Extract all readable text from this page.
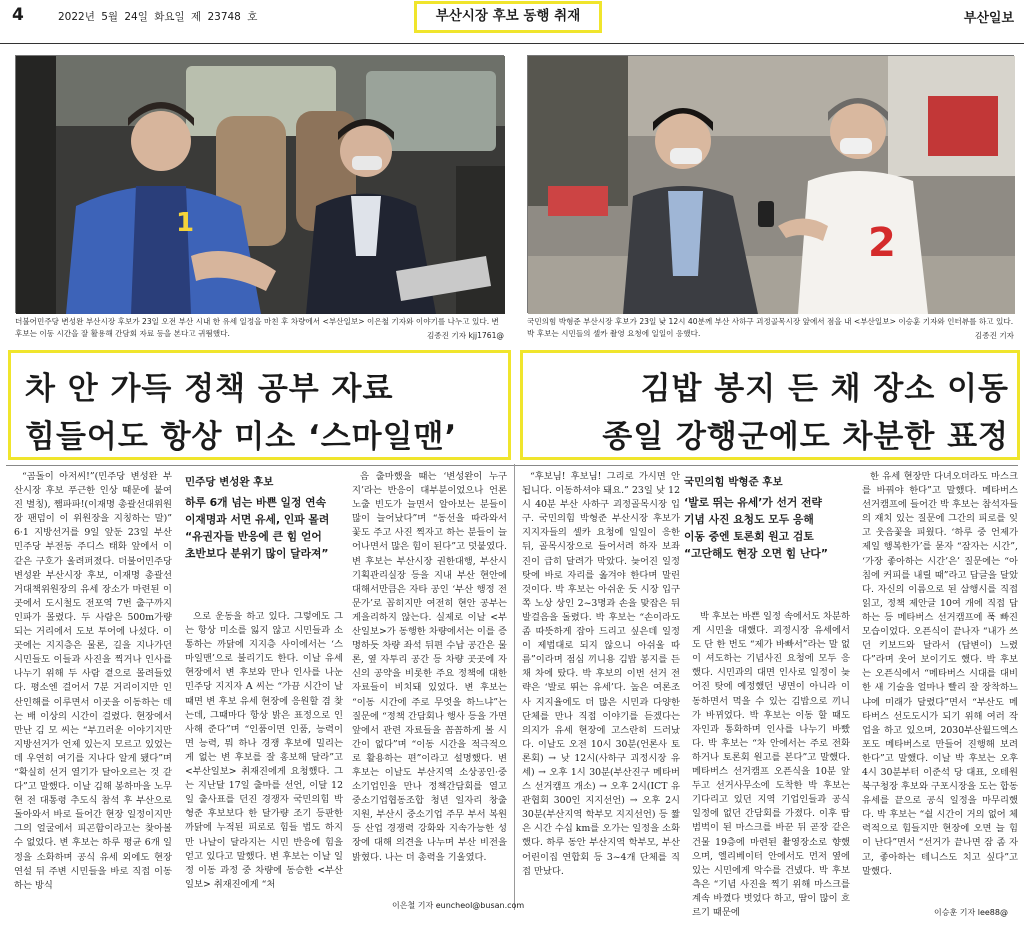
4	2022년 5월 24일 화요일 제 23748 호	부산시장 후보 동행 취재	부산일보
1	2
더불어민주당 변성완 부산시장 후보가 23일 오전 부산 시내 한 유세 일정을 마친 후 차량에서 <부산일보> 이은철 기자와 이야기를 나누고 있다. 변 후보는 이동 시간을 잘 활용해 간담회 자료 등을 본다고 귀띔했다.	김종진 기자 kjj1761@
국민의힘 박형준 부산시장 후보가 23일 낮 12시 40분께 부산 사하구 괴정골목시장 앞에서 점을 내 <부산일보> 이승훈 기자와 인터뷰를 하고 있다. 박 후보는 시민들의 셀카 촬영 요청에 일일이 응했다.	김종진 기자
차 안 가득 정책 공부 자료
힘들어도 항상 미소 ‘스마일맨’
김밥 봉지 든 채 장소 이동
종일 강행군에도 차분한 표정

“곰돌이 아저씨!”(민주당 변성완 부산시장 후보 푸근한 인상 때문에 붙여진 별칭), 쨈파파!(이재명 총괄선대위원장 팬덤이 이 위원장을 지칭하는 말)” 6·1 지방선거를 9일 앞둔 23일 부산 민주당 부전동 주디스 태화 앞에서 이 같은 구호가 울려퍼졌다. 더불어민주당 변성완 부산시장 후보, 이재명 총괄선거대책위원장의 유세 장소가 마련된 이곳에서 도시철도 전포역 7번 출구까지 인파가 몰렸다. 두 사람은 500m가량 되는 거리에서 도보 투어에 나섰다. 이곳에는 지지층은 물론, 길을 지나가던 시민들도 이들과 사진을 찍거나 인사를 나누기 위해 두 사람 곁으로 몰려들었다. 평소엔 걸어서 7분 거리이지만 인산인해를 이루면서 이곳을 이동하는 데는 배 이상의 시간이 걸렸다. 현장에서 만난 김 모 씨는 “부끄러운 이야기지만 지방선거가 언제 있는지 모르고 있었는데 우연히 여기를 지나다 알게 됐다”며 “확실히 선거 열기가 달아오르는 것 같다”고 말했다. 이날 김해 봉하마을 노무현 전 대통령 추도식 참석 후 부산으로 돌아와서 바로 들어간 현장 일정이지만 그의 얼굴에서 피곤함이라고는 찾아볼 수 없었다. 변 후보는 하루 평균 6개 일정을 소화하며 공식 유세 외에도 현장 연설 뒤 주변 시민들을 바로 직접 이동하는 방식

민주당 변성완 후보
하루 6개 넘는 바쁜 일정 연속
이재명과 서면 유세, 인파 몰려
“유권자들 반응에 큰 힘 얻어
초반보다 분위기 많이 달라져”

으로 운동을 하고 있다. 그렇에도 그는 항상 미소를 잃지 않고 시민들과 소통하는 까닭에 지지층 사이에서는 ‘스마일맨’으로 불리기도 한다. 이날 유세 현장에서 변 후보와 만나 인사를 나눈 민주당 지지자 A 씨는 “가끔 시간이 날 때면 변 후보 유세 현장에 응원할 겸 찾는데, 그때마다 항상 밝은 표정으로 인사해 준다”며 “인품이면 인품, 능력이면 능력, 뭐 하나 경쟁 후보에 밀리는 게 없는 변 후보를 잘 홍보해 달라”고 <부산일보> 취재진에게 요청했다. 그는 지난달 17일 출마를 선언, 이달 12일 출사표를 던진 경쟁자 국민의힘 박형준 후보보다 한 달가량 조기 등판한 까닭에 누적된 피로로 힘들 법도 하지만 나날이 달라지는 시민 반응에 힘을 얻고 있다고 말했다. 변 후보는 이날 일정 이동 과정 중 차량에 동승한 <부산일보> 취재진에게 “처

음 출마했을 때는 ‘변성완이 누구지’라는 반응이 대부분이었으나 언론 노출 빈도가 늘면서 알아보는 분들이 많이 늘어났다”며 “동선을 따라와서 꽃도 주고 사진 찍자고 하는 분들이 늘어나면서 많은 힘이 된다”고 덧붙였다. 변 후보는 부산시장 권한대행, 부산시 기획관리실장 등을 지내 부산 현안에 대해서만큼은 자타 공인 ‘부산 행정 전문가’로 꼽히지만 여전히 현안 공부는 게을리하지 않는다. 실제로 이날 <부산일보>가 동행한 차량에서는 이를 증명하듯 차량 좌석 뒤편 수납 공간은 물론, 옆 자투리 공간 등 차량 곳곳에 자신의 공약을 비롯한 주요 정책에 대한 자료들이 비치돼 있었다. 변 후보는 “이동 시간에 주로 무엇을 하느냐”는 질문에 “정책 간담회나 행사 등을 가면 앞에서 관련 자료들을 꼼꼼하게 볼 시간이 없다”며 “이동 시간을 적극적으로 활용하는 편”이라고 설명했다. 변 후보는 이날도 부산지역 소상공인·중소기업인을 만나 정책간담회를 열고 중소기업협동조합 청년 일자리 창출 지원, 부산시 중소기업 주무 부서 복원 등 산업 경쟁력 강화와 지속가능한 성장에 대해 의견을 나누며 부산 비전을 밝혔다. 나는 더 총력을 기울였다.

이은철 기자 euncheol@busan.com

“후보님! 후보님! 그리로 가시면 안 됩니다. 이동하셔야 돼요.” 23일 낮 12시 40분 부산 사하구 괴정골목시장 입구. 국민의힘 박형준 부산시장 후보가 지지자들의 셀카 요청에 일일이 응한 뒤, 골목시장으로 들어서려 하자 보좌진이 급히 달려가 막았다. 늦어진 일정 탓에 바로 자리를 옮겨야 한다며 말린 것이다. 박 후보는 아쉬운 듯 시장 입구 쪽 노상 상인 2~3명과 손을 맞잡은 뒤 발걸음을 돌렸다. 박 후보는 “손이라도 좀 따뜻하게 잡아 드리고 싶은데 일정이 제법대로 되지 않으니 아쉬울 따름”이라며 점심 끼니용 김밥 봉지를 든 채 차에 탔다. 박 후보의 이번 선거 전략은 ‘발로 뛰는 유세’다. 높은 여론조사 지지율에도 더 많은 시민과 다양한 단체를 만나 직접 이야기를 듣겠다는 의지가 유세 현장에 고스란히 드러났다. 이날도 오전 10시 30분(언론사 토론회) → 낮 12시(사하구 괴정시장 유세) → 오후 1시 30분(부산진구 메타버스 선거캠프 개소) → 오후 2시(ICT 유관협회 300인 지지선언) → 오후 2시 30분(부산지역 학부모 지지선언) 등 짧은 시간 수십 km를 오가는 일정을 소화했다. 하루 동안 부산지역 학부모, 부산어린이집 연합회 등 3~4개 단체를 직접 만났다.

국민의힘 박형준 후보
‘발로 뛰는 유세’가 선거 전략
기념 사진 요청도 모두 응해
이동 중엔 토론회 원고 검토
“고단해도 현장 오면 힘 난다”

박 후보는 바쁜 일정 속에서도 차분하게 시민을 대했다. 괴정시장 유세에서도 단 한 번도 “제가 바빠서”라는 말 없이 셔도하는 기념사진 요청에 모두 응했다. 시민과의 대면 인사로 일정이 늦어진 탓에 예정했던 냉면이 아니라 이동하면서 먹을 수 있는 김밥으로 끼니가 바뀌었다. 박 후보는 이동 할 때도 자인과 통화하며 인사를 나누기 바빴다. 박 후보는 “차 안에서는 주로 전화하거나 토론회 원고를 본다”고 말했다. 메타버스 선거캠프 오픈식을 10분 앞두고 선거사무소에 도착한 박 후보는 기다리고 있던 지역 기업인들과 공식 일정에 없던 간담회를 가졌다. 이후 땀 범벅이 된 마스크를 바꾼 뒤 곧장 같은 건물 19층에 마련된 촬영장소로 향했으며, 엘리베이터 안에서도 먼저 옆에 있는 시민에게 악수를 건넸다. 박 후보 측은 “기념 사진을 찍기 위해 마스크를 계속 바꼈다 벗었다 하고, 땀이 많이 흐르기 때문에

한 유세 현장만 다녀오더라도 마스크를 바꿔야 한다”고 말했다. 메타버스 선거캠프에 들어간 박 후보는 참석자들의 재치 있는 질문에 그간의 피로를 잊고 웃음꽃을 피웠다. ‘하루 중 언제가 제일 행복한가’를 묻자 “잠자는 시간”, ‘가장 좋아하는 시간’은’ 질문에는 “아침에 커피를 내릴 때”라고 답글을 달았다. 자신의 이름으로 된 삼행시를 직접 읽고, 정책 제안글 10여 개에 직접 답하는 등 메타버스 선거캠프에 푹 빠진 모습이었다. 오픈식이 끝나자 “내가 쓰던 키보드와 달라서 (답변이) 느렸다”라며 웃어 보이기도 했다. 박 후보는 오픈식에서 “메타버스 시대를 대비한 새 기술을 얼마나 빨리 잘 장착하느냐에 미래가 달렸다”면서 “부산도 메타버스 선도도시가 되기 위해 여러 작업을 하고 있으며, 2030부산월드엑스포도 메타버스로 만들어 진행해 보려 한다”고 말했다. 이날 박 후보는 오후 4시 30분부터 이준석 당 대표, 오테원 북구청장 후보와 구포시장을 도는 합동 유세를 끝으로 공식 일정을 마무리했다. 박 후보는 “쉴 시간이 거의 없어 체력적으로 힘들지만 현장에 오면 늘 힘이 난다”면서 “선거가 끝나면 잠 좀 자고, 좋아하는 테니스도 치고 싶다”고 말했다.

이승훈 기자 lee88@
